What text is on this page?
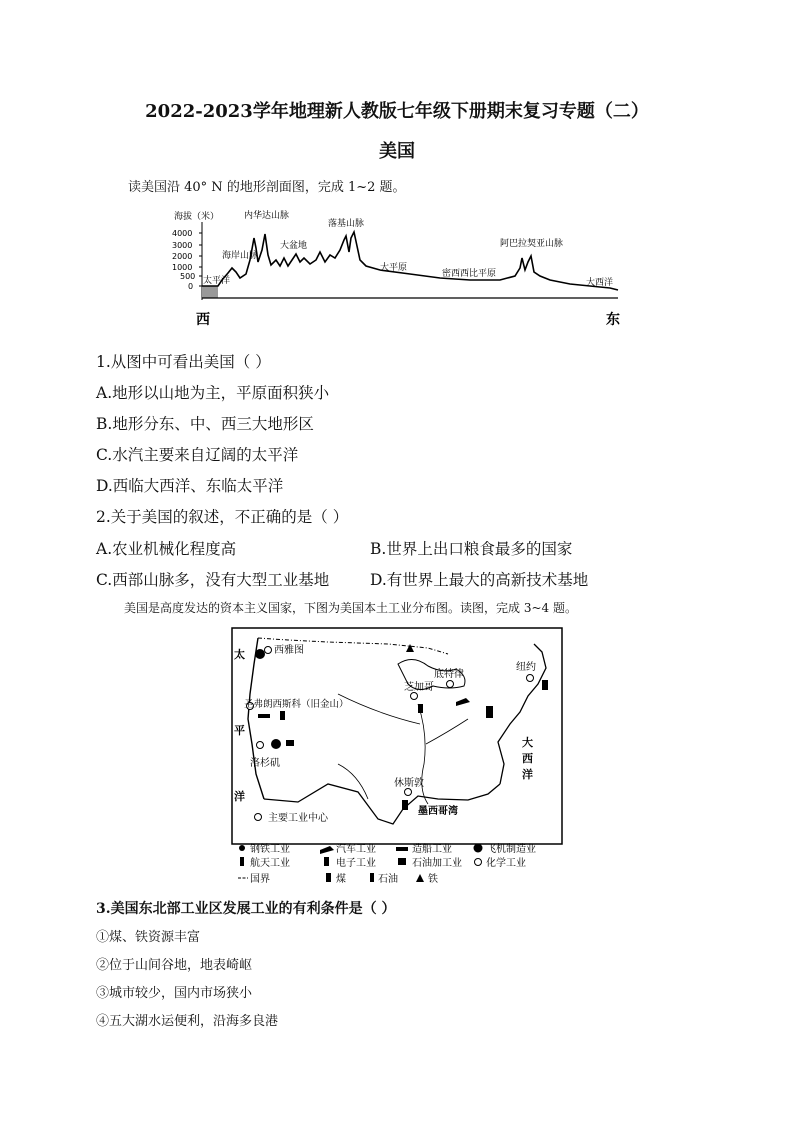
2022-2023学年地理新人教版七年级下册期末复习专题（二）
美国
读美国沿 40° N 的地形剖面图，完成 1~2 题。
海拔（米）
4000
3000
2000
1000
500
0
太平洋
海岸山脉
内华达山脉
大盆地
落基山脉
大平原
密西西比平原
阿巴拉契亚山脉
大西洋
西	东
1.从图中可看出美国（ ）
A.地形以山地为主，平原面积狭小
B.地形分东、中、西三大地形区
C.水汽主要来自辽阔的太平洋
D.西临大西洋、东临太平洋
2.关于美国的叙述，不正确的是（ ）
A.农业机械化程度高	B.世界上出口粮食最多的国家
C.西部山脉多，没有大型工业基地	D.有世界上最大的高新技术基地
美国是高度发达的资本主义国家，下图为美国本土工业分布图。读图，完成 3~4 题。
太
平
洋
大
西
洋
墨西哥湾
西雅图
圣弗朗西斯科（旧金山）
洛杉矶
芝加哥
底特律
纽约
休斯敦
主要工业中心
钢铁工业	汽车工业	造船工业	飞机制造业
航天工业	电子工业	石油加工业 化学工业
国界	煤	石油	铁
3.美国东北部工业区发展工业的有利条件是（ ）
①煤、铁资源丰富
②位于山间谷地，地表崎岖
③城市较少，国内市场狭小
④五大湖水运便利，沿海多良港
